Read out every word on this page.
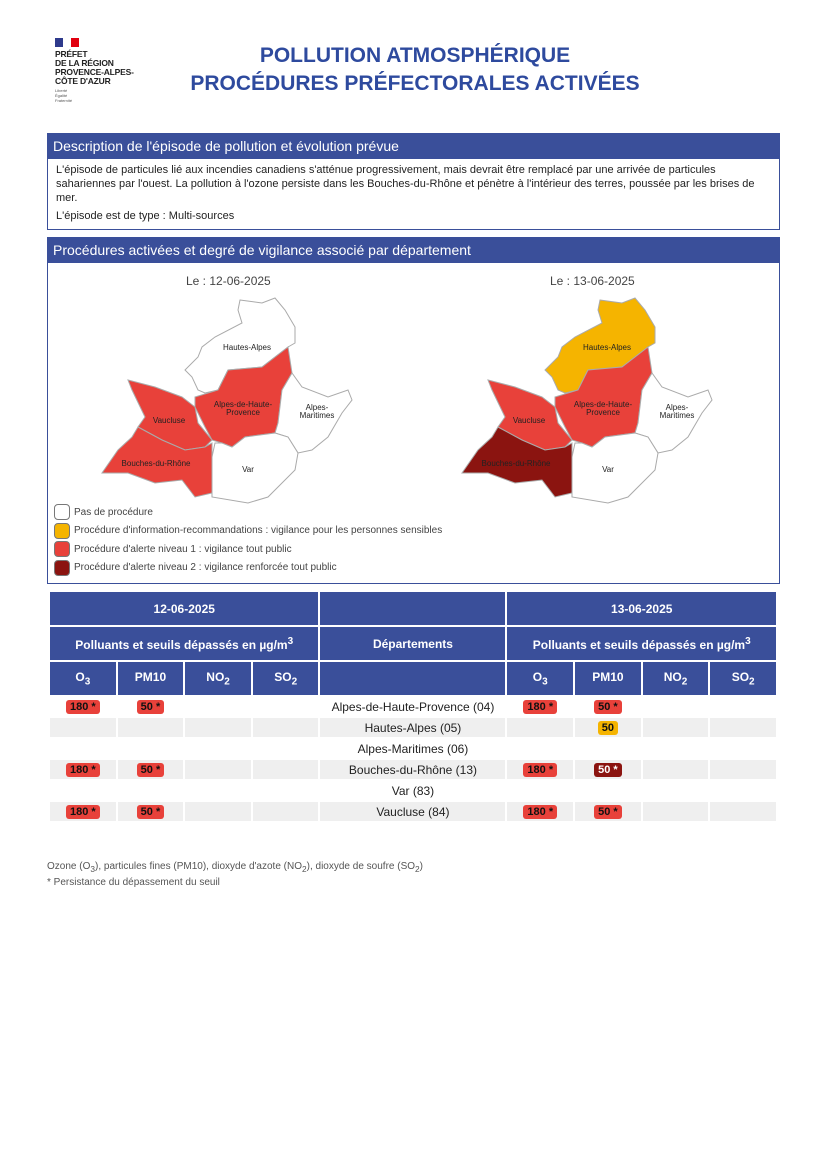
PRÉFET
DE LA RÉGION
PROVENCE-ALPES-
CÔTE D'AZUR
Liberté
Égalité
Fraternité
POLLUTION ATMOSPHÉRIQUE
PROCÉDURES PRÉFECTORALES ACTIVÉES
Description de l'épisode de pollution et évolution prévue
L'épisode de particules lié aux incendies canadiens s'atténue progressivement, mais devrait être remplacé par une arrivée de particules sahariennes par l'ouest. La pollution à l'ozone persiste dans les Bouches-du-Rhône et pénètre à l'intérieur des terres, poussée par les brises de mer.
L'épisode est de type : Multi-sources
Procédures activées et degré de vigilance associé par département
Le : 12-06-2025	Le : 13-06-2025
Hautes-Alpes
Alpes-de-Haute-
Provence
Alpes-
Maritimes
Var
Vaucluse
Bouches-du-Rhône
Hautes-Alpes
Alpes-de-Haute-
Provence
Alpes-
Maritimes
Var
Vaucluse
Bouches-du-Rhône
Pas de procédure
Procédure d'information-recommandations : vigilance pour les personnes sensibles
Procédure d'alerte niveau 1 : vigilance tout public
Procédure d'alerte niveau 2 : vigilance renforcée tout public
12-06-2025					13-06-2025			
Polluants et seuils dépassés en $\mu g/m^3$				Départements	Polluants et seuils dépassés en $\mu g/m^3$
$O_3$	PM10	$NO_2$	$SO_2$		$O_3$	PM10	$NO_2$	$SO_2$
180 *	50 *			Alpes-de-Haute-Provence (04)	180 *	50 *		
				Hautes-Alpes (05)		50		
				Alpes-Maritimes (06)				
180 *	50 *			Bouches-du-Rhône (13)	180 *	50 *		
				Var (83)				
180 *	50 *			Vaucluse (84)	180 *	50 *		
Ozone $(O_3)$, particules fines (PM10), dioxyde d'azote $(NO_2)$, dioxyde de soufre $(SO_2)$
* Persistance du dépassement du seuil
